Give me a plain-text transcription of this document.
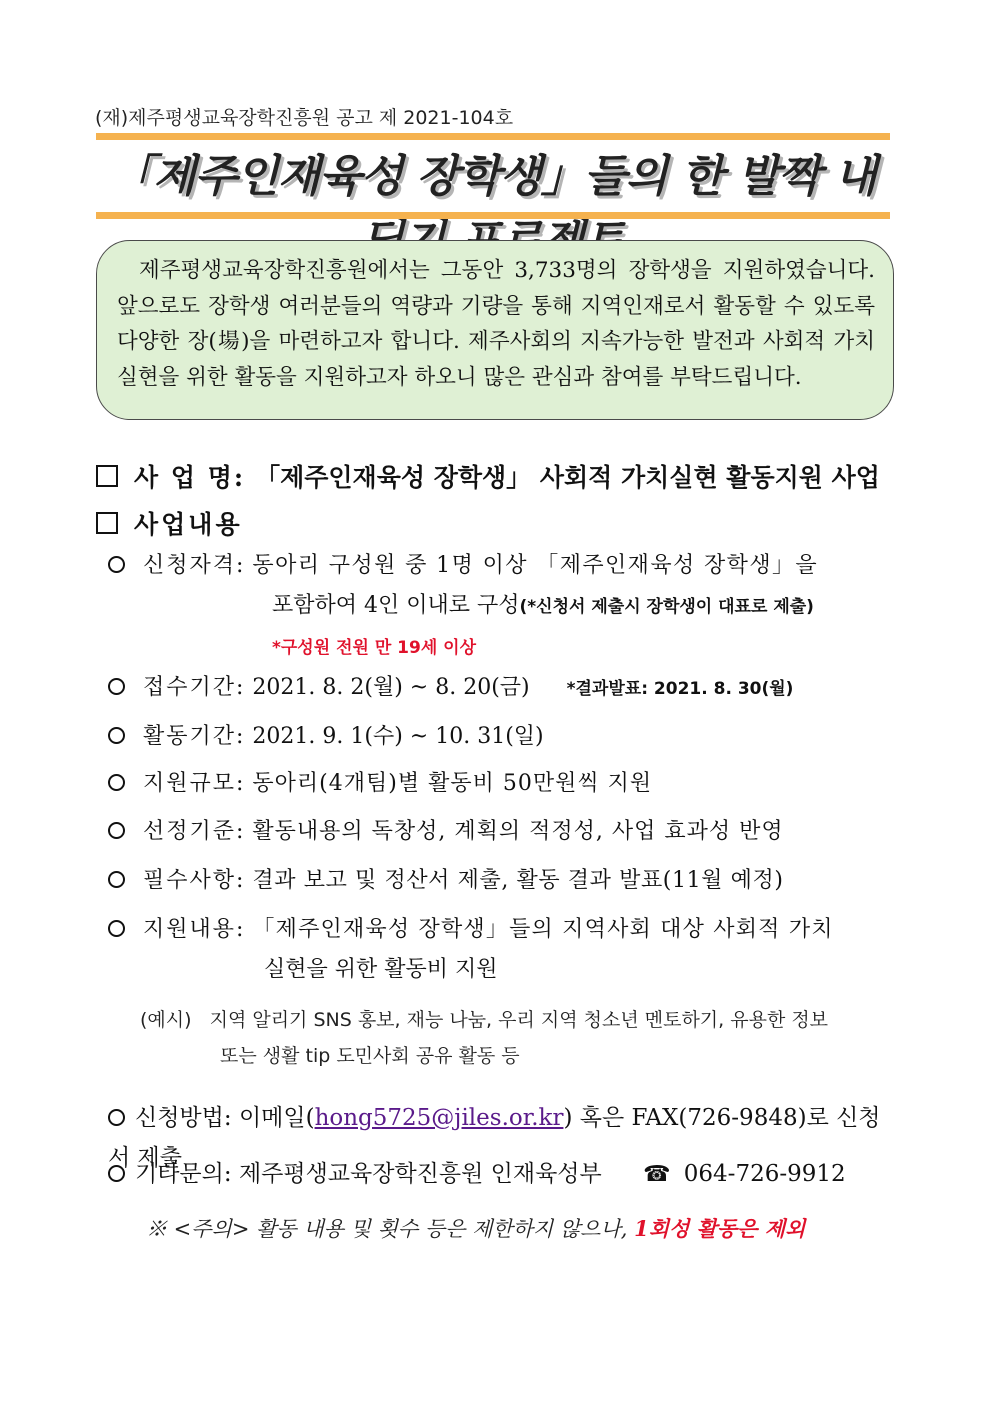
(재)제주평생교육장학진흥원 공고 제 2021-104호
「제주인재육성 장학생」들의 한 발짝 내

제주평생교육장학진흥원에서는 그동안 3,733명의 장학생을 지원하였습니다. 앞으로도 장학생 여러분들의 역량과 기량을 통해 지역인재로서 활동할 수 있도록 다양한 장(場)을 마련하고자 합니다. 제주사회의 지속가능한 발전과 사회적 가치 실현을 위한 활동을 지원하고자 하오니 많은 관심과 참여를 부탁드립니다.

사 업 명: 「제주인재육성 장학생」 사회적 가치실현 활동지원 사업
사업내용
신청자격: 동아리 구성원 중 1명 이상 「제주인재육성 장학생」을
포함하여 4인 이내로 구성(*신청서 제출시 장학생이 대표로 제출)
*구성원 전원 만 19세 이상
접수기간: 2021. 8. 2(월) ~ 8. 20(금) *결과발표: 2021. 8. 30(월)
활동기간: 2021. 9. 1(수) ~ 10. 31(일)
지원규모: 동아리(4개팀)별 활동비 50만원씩 지원
선정기준: 활동내용의 독창성, 계획의 적정성, 사업 효과성 반영
필수사항: 결과 보고 및 정산서 제출, 활동 결과 발표(11월 예정)
지원내용: 「제주인재육성 장학생」들의 지역사회 대상 사회적 가치
실현을 위한 활동비 지원
(예시) 지역 알리기 SNS 홍보, 재능 나눔, 우리 지역 청소년 멘토하기, 유용한 정보
또는 생활 tip 도민사회 공유 활동 등
신청방법: 이메일(hong5725@jiles.or.kr) 혹은 FAX(726-9848)로 신청서 제출
기타문의: 제주평생교육장학진흥원 인재육성부 ☎ 064-726-9912
※ <주의> 활동 내용 및 횟수 등은 제한하지 않으나, 1회성 활동은 제외
